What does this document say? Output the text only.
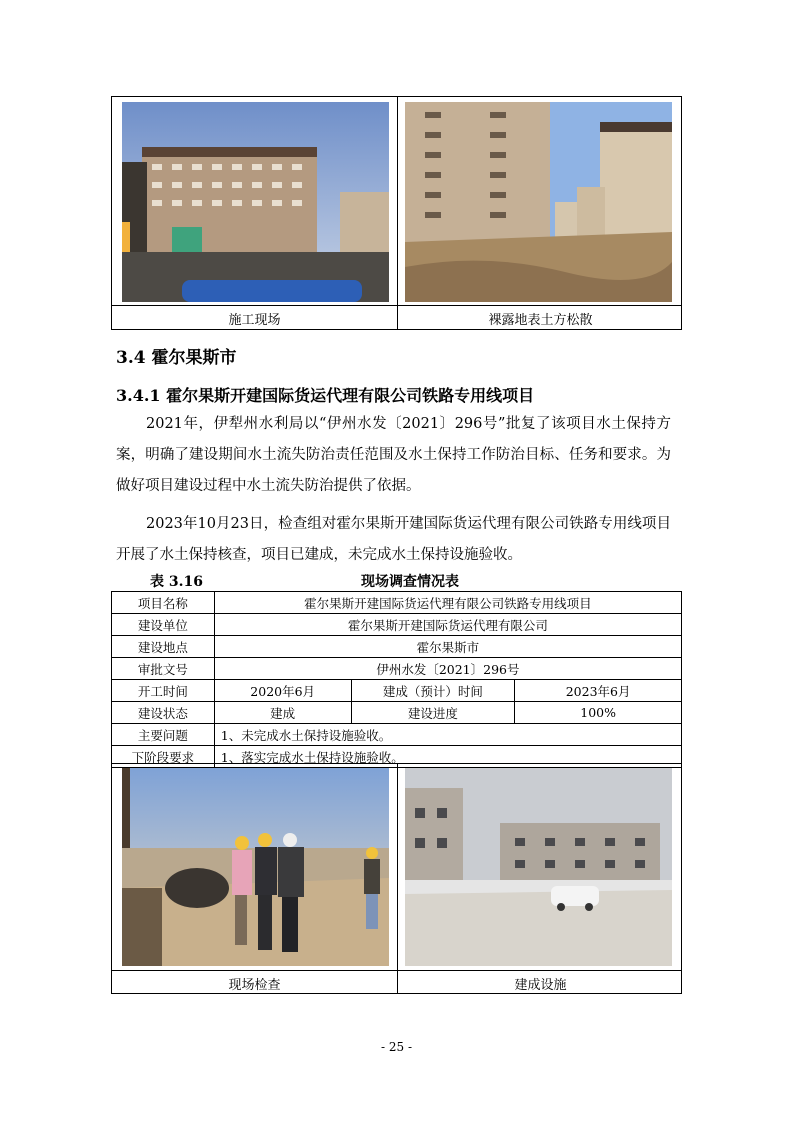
施工现场	裸露地表土方松散
3.4 霍尔果斯市
3.4.1 霍尔果斯开建国际货运代理有限公司铁路专用线项目

2021年，伊犁州水利局以“伊州水发〔2021〕296号”批复了该项目水土保持方案，明确了建设期间水土流失防治责任范围及水土保持工作防治目标、任务和要求。为做好项目建设过程中水土流失防治提供了依据。

2023年10月23日，检查组对霍尔果斯开建国际货运代理有限公司铁路专用线项目开展了水土保持核查，项目已建成，未完成水土保持设施验收。

表 3.16	现场调查情况表
项目名称	霍尔果斯开建国际货运代理有限公司铁路专用线项目		
建设单位	霍尔果斯开建国际货运代理有限公司		
建设地点	霍尔果斯市		
审批文号	伊州水发〔2021〕296号		
开工时间	2020年6月	建成（预计）时间	2023年6月
建设状态	建成	建设进度	100%
主要问题	1、未完成水土保持设施验收。		
下阶段要求	1、落实完成水土保持设施验收。		
现场检查	建成设施
- 25 -
